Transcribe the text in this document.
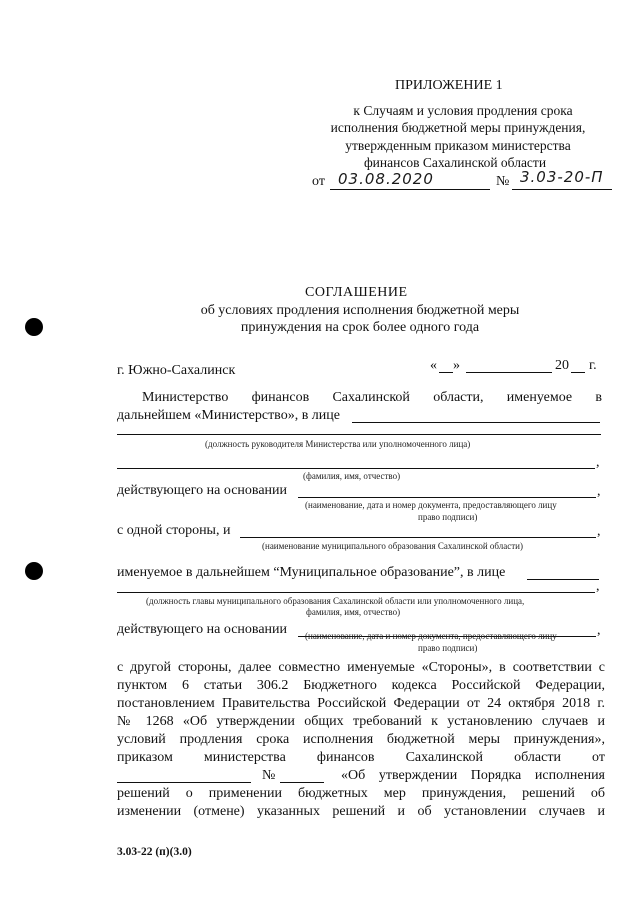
ПРИЛОЖЕНИЕ 1
к Случаям и условия продления срока
исполнения бюджетной меры принуждения,
утвержденным приказом министерства
финансов Сахалинской области
от 03.08.2020	№ 3.03-20-П
СОГЛАШЕНИЕ
об условиях продления исполнения бюджетной меры
принуждения на срок более одного года
г. Южно-Сахалинск	« »	20 г.
Министерство финансов Сахалинской области, именуемое в
дальнейшем «Министерство», в лице
(должность руководителя Министерства или уполномоченного лица)
,
(фамилия, имя, отчество)
действующего на основании	,
(наименование, дата и номер документа, предоставляющего лицу
право подписи)
с одной стороны, и	,
(наименование муниципального образования Сахалинской области)
именуемое в дальнейшем “Муниципальное образование”, в лице
,
(должность главы муниципального образования Сахалинской области или уполномоченного лица,
фамилия, имя, отчество)
действующего на основании	,
(наименование, дата и номер документа, предоставляющего лицу
право подписи)
с другой стороны, далее совместно именуемые «Стороны», в соответствии с
пунктом 6 статьи 306.2 Бюджетного кодекса Российской Федерации,
постановлением Правительства Российской Федерации от 24 октября 2018 г.
№ 1268 «Об утверждении общих требований к установлению случаев и
условий продления срока исполнения бюджетной меры принуждения»,
приказом министерства финансов Сахалинской области от
№	«Об утверждении Порядка исполнения
решений о применении бюджетных мер принуждения, решений об
изменении (отмене) указанных решений и об установлении случаев и
3.03-22 (п)(3.0)
